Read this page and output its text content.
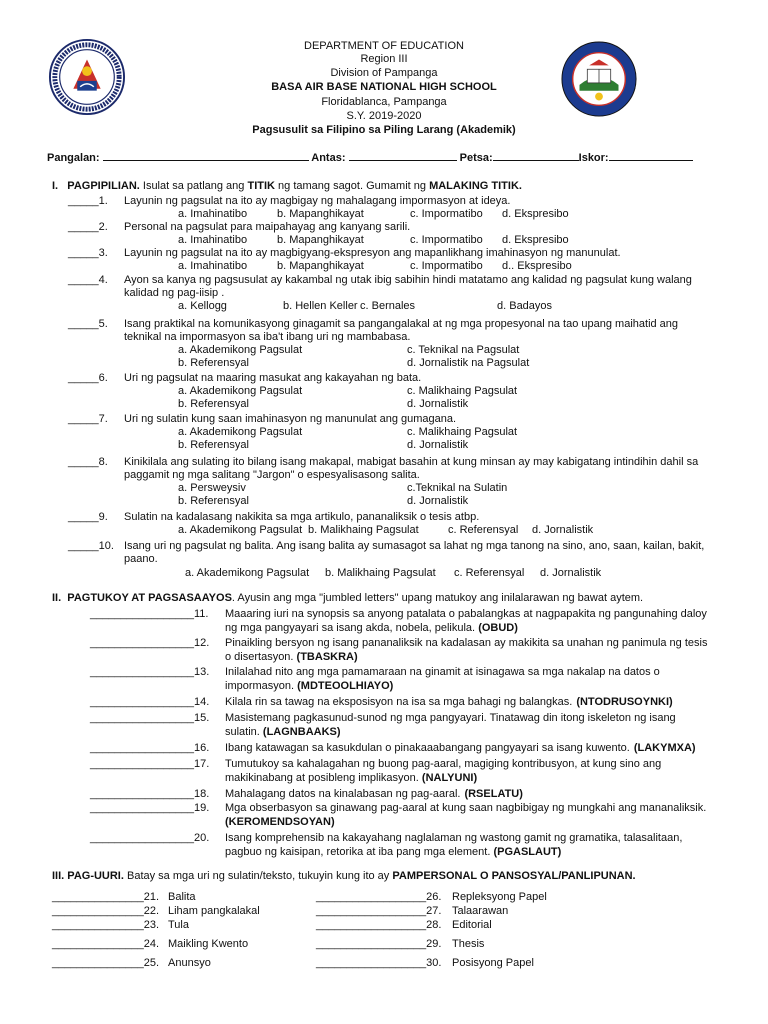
DEPARTMENT OF EDUCATION
Region III
Division of Pampanga
BASA AIR BASE NATIONAL HIGH SCHOOL
Floridablanca, Pampanga
S.Y. 2019-2020
Pagsusulit sa Filipino sa Piling Larang (Akademik)
Pangalan:	Antas:	Petsa:	Iskor:
I. PAGPIPILIAN. Isulat sa patlang ang TITIK ng tamang sagot. Gumamit ng MALAKING TITIK.
II. PAGTUKOY AT PAGSASAAYOS. Ayusin ang mga "jumbled letters" upang matukoy ang inilalarawan ng bawat aytem.
III. PAG-UURI. Batay sa mga uri ng sulatin/teksto, tukuyin kung ito ay PAMPERSONAL O PANSOSYAL/PANLIPUNAN.
_____1. Layunin ng pagsulat na ito ay magbigay ng mahalagang impormasyon at ideya.
a. Imahinatibo	b. Mapanghikayat	c. Impormatibo d. Ekspresibo
_____2. Personal na pagsulat para maipahayag ang kanyang sarili.
a. Imahinatibo	b. Mapanghikayat	c. Impormatibo d. Ekspresibo
_____3. Layunin ng pagsulat na ito ay magbigyang-ekspresyon ang mapanlikhang imahinasyon ng manunulat.
a. Imahinatibo	b. Mapanghikayat	c. Impormatibo d.. Ekspresibo
_____4. Ayon sa kanya ng pagsusulat ay kakambal ng utak ibig sabihin hindi matatamo ang kalidad ng pagsulat kung walang
kalidad ng pag-iisip .
a. Kellogg	b. Hellen Keller c. Bernales	d. Badayos
_____5. Isang praktikal na komunikasyong ginagamit sa pangangalakal at ng mga propesyonal na tao upang maihatid ang
teknikal na impormasyon sa iba't ibang uri ng mambabasa.
a. Akademikong Pagsulat	c. Teknikal na Pagsulat
b. Referensyal	d. Jornalistik na Pagsulat
_____6. Uri ng pagsulat na maaring masukat ang kakayahan ng bata.
a. Akademikong Pagsulat	c. Malikhaing Pagsulat
b. Referensyal	d. Jornalistik
_____7. Uri ng sulatin kung saan imahinasyon ng manunulat ang gumagana.
a. Akademikong Pagsulat	c. Malikhaing Pagsulat
b. Referensyal	d. Jornalistik
_____8. Kinikilala ang sulating ito bilang isang makapal, mabigat basahin at kung minsan ay may kabigatang intindihin dahil sa
paggamit ng mga salitang "Jargon" o espesyalisasong salita.
a. Persweysiv	c.Teknikal na Sulatin
b. Referensyal	d. Jornalistik
_____9. Sulatin na kadalasang nakikita sa mga artikulo, pananaliksik o tesis atbp.
a. Akademikong Pagsulat b. Malikhaing Pagsulat	c. Referensyal d. Jornalistik
_____10. Isang uri ng pagsulat ng balita. Ang isang balita ay sumasagot sa lahat ng mga tanong na sino, ano, saan, kailan, bakit,
paano.
a. Akademikong Pagsulat b. Malikhaing Pagsulat c. Referensyal d. Jornalistik
_________________11. Maaaring iuri na synopsis sa anyong patalata o pabalangkas at nagpapakita ng pangunahing daloy
ng mga pangyayari sa isang akda, nobela, pelikula. (OBUD)
_________________12. Pinaikling bersyon ng isang pananaliksik na kadalasan ay makikita sa unahan ng panimula ng tesis
o disertasyon. (TBASKRA)
_________________13. Inilalahad nito ang mga pamamaraan na ginamit at isinagawa sa mga nakalap na datos o
impormasyon. (MDTEOOLHIAYO)
_________________14. Kilala rin sa tawag na eksposisyon na isa sa mga bahagi ng balangkas. (NTODRUSOYNKI)
_________________15. Masistemang pagkasunud-sunod ng mga pangyayari. Tinatawag din itong iskeleton ng isang
sulatin. (LAGNBAAKS)
_________________16. Ibang katawagan sa kasukdulan o pinakaaabangang pangyayari sa isang kuwento. (LAKYMXA)
_________________17. Tumutukoy sa kahalagahan ng buong pag-aaral, magiging kontribusyon, at kung sino ang
makikinabang at posibleng implikasyon. (NALYUNI)
_________________18. Mahalagang datos na kinalabasan ng pag-aaral. (RSELATU)
_________________19. Mga obserbasyon sa ginawang pag-aaral at kung saan nagbibigay ng mungkahi ang mananaliksik.
(KEROMENDSOYAN)
_________________20. Isang komprehensib na kakayahang naglalaman ng wastong gamit ng gramatika, talasalitaan,
pagbuo ng kaisipan, retorika at iba pang mga element. (PGASLAUT)
_______________21. Balita
_______________22. Liham pangkalakal
_______________23. Tula
_______________24. Maikling Kwento
_______________25. Anunsyo
__________________26. Repleksyong Papel
__________________27. Talaarawan
__________________28. Editorial
__________________29. Thesis
__________________30. Posisyong Papel
